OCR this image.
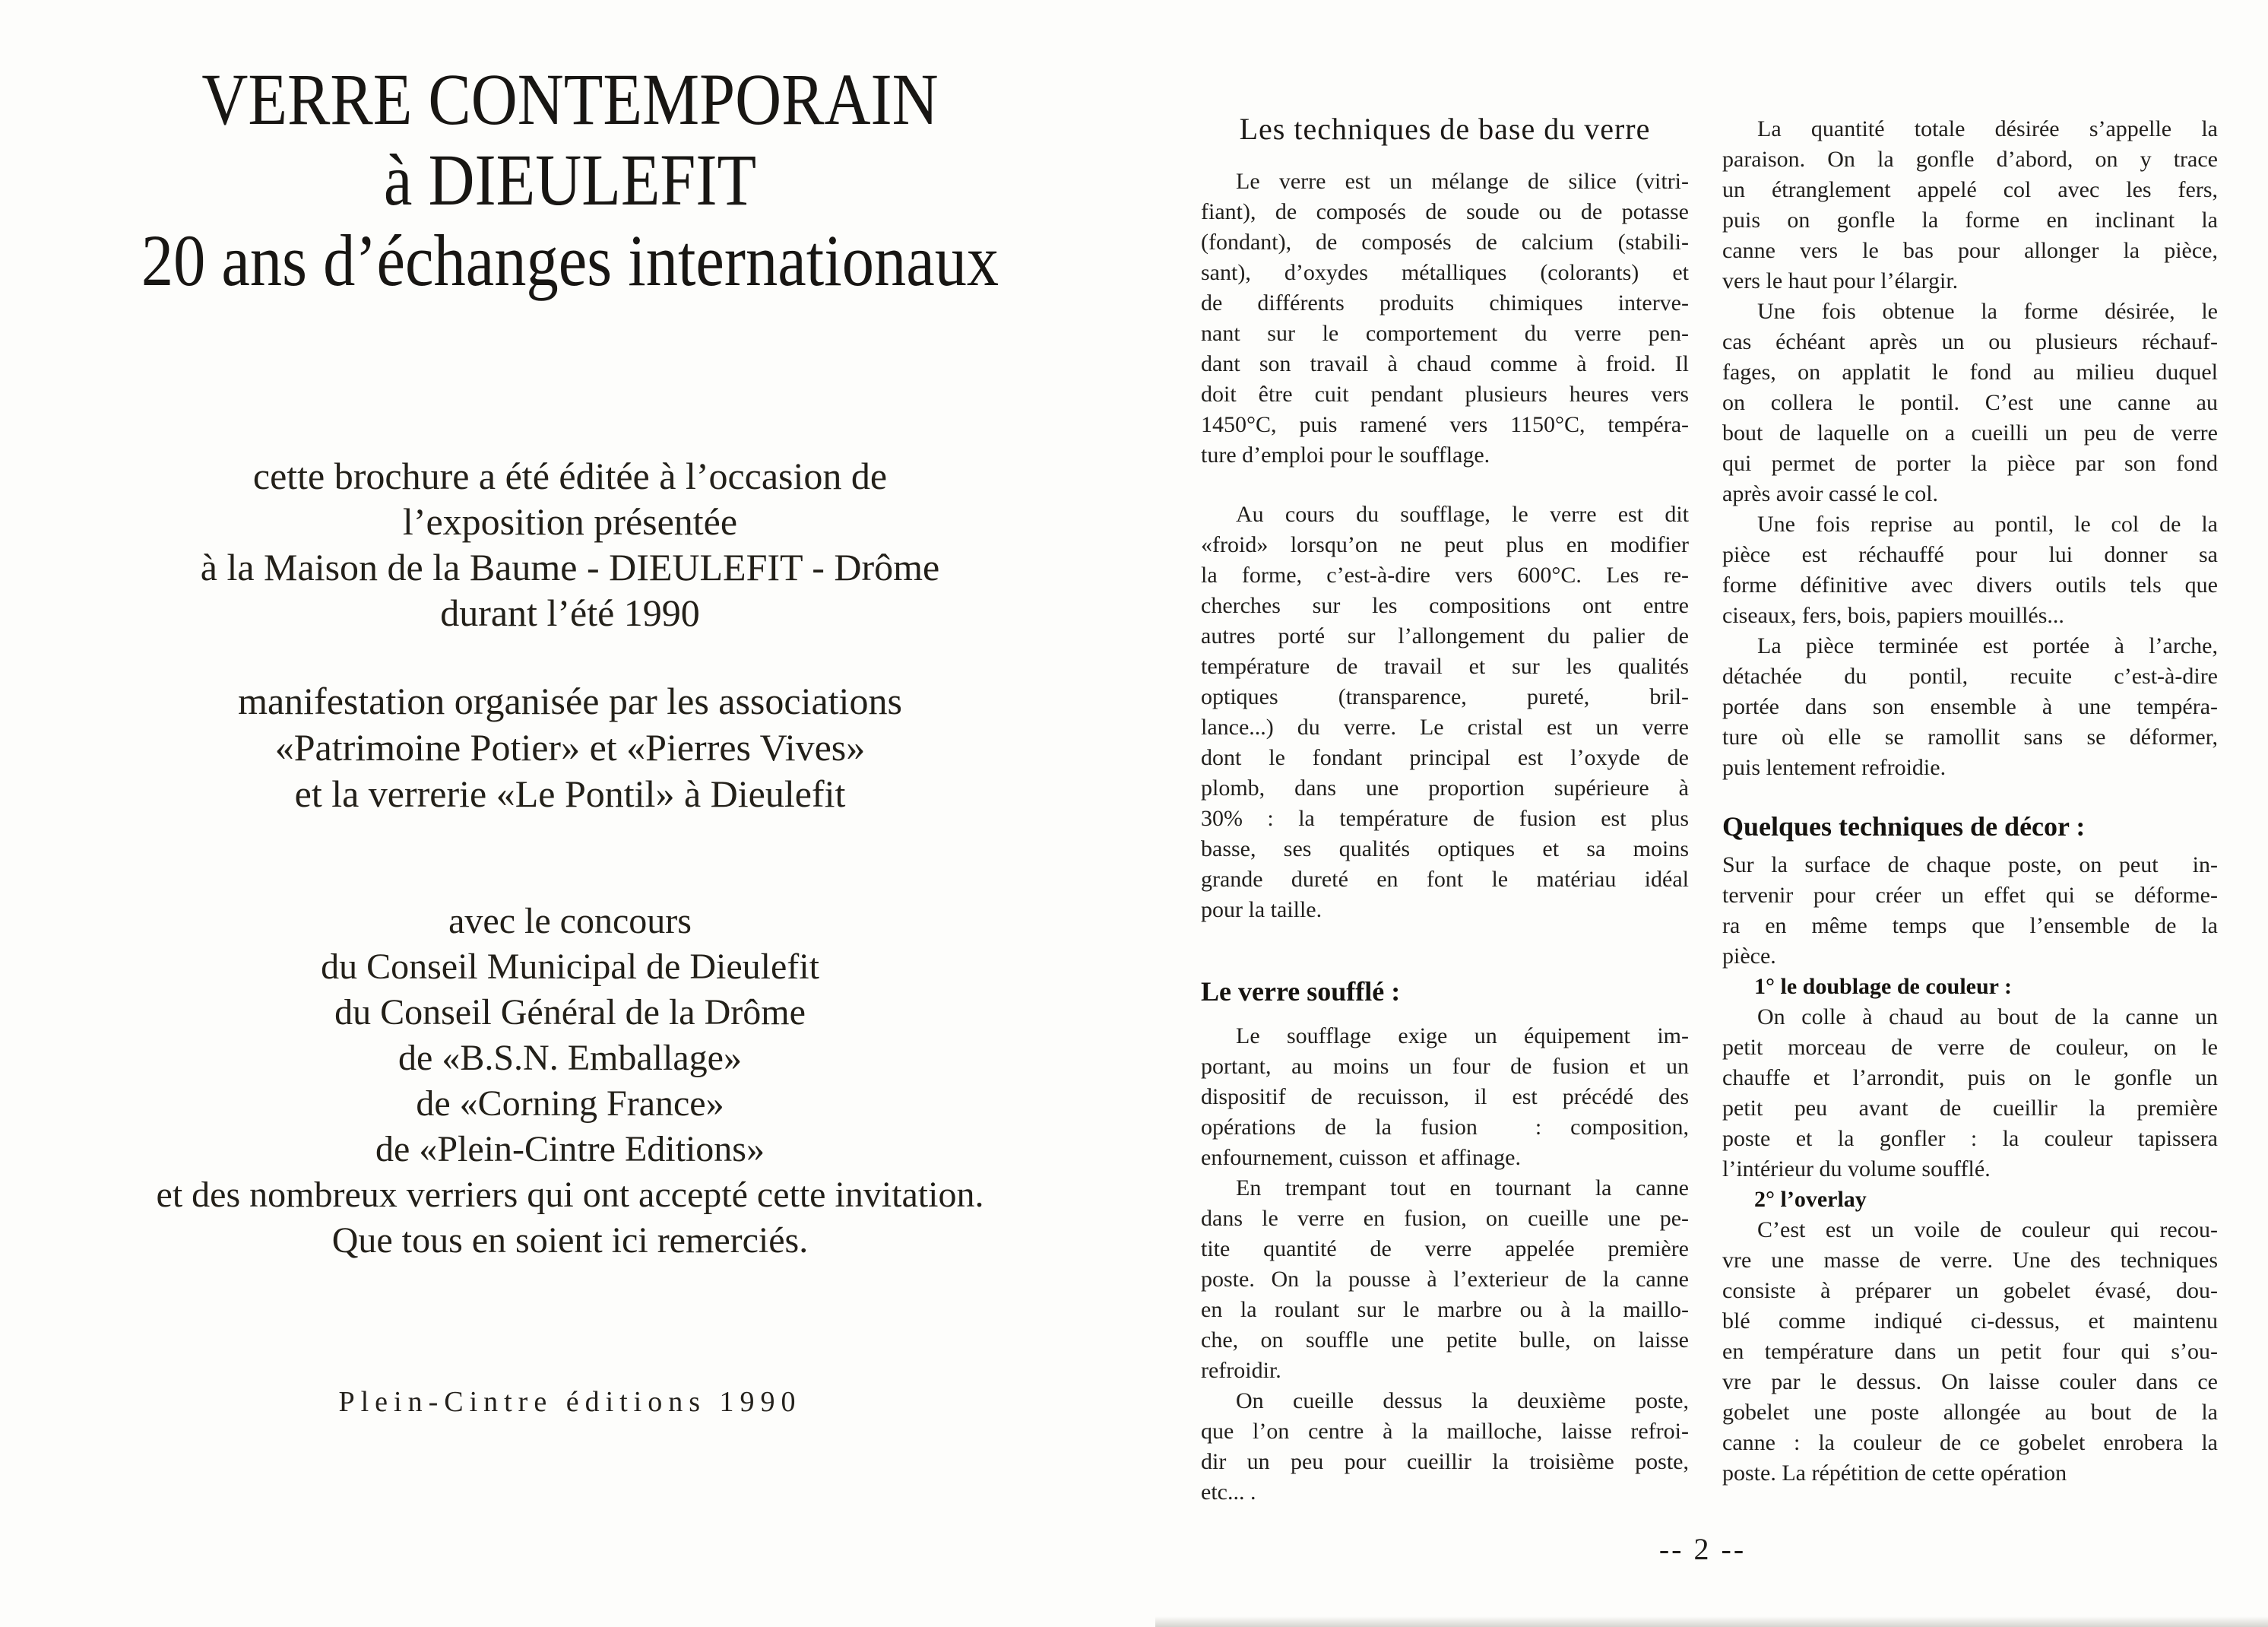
VERRE CONTEMPORAIN
à DIEULEFIT
20 ans d’échanges internationaux
cette brochure a été éditée à l’occasion de
l’exposition présentée
à la Maison de la Baume - DIEULEFIT - Drôme
durant l’été 1990
manifestation organisée par les associations
«Patrimoine Potier» et «Pierres Vives»
et la verrerie «Le Pontil» à Dieulefit
avec le concours
du Conseil Municipal de Dieulefit
du Conseil Général de la Drôme
de «B.S.N. Emballage»
de «Corning France»
de «Plein-Cintre Editions»
et des nombreux verriers qui ont accepté cette invitation.
Que tous en soient ici remerciés.
Plein-Cintre éditions 1990
Les techniques de base du verre
Le verre est un mélange de silice (vitri-
fiant), de composés de soude ou de potasse
(fondant), de composés de calcium (stabili-
sant), d’oxydes métalliques (colorants) et
de différents produits chimiques interve-
nant sur le comportement du verre pen-
dant son travail à chaud comme à froid. Il
doit être cuit pendant plusieurs heures vers
1450°C, puis ramené vers 1150°C, tempéra-
ture d’emploi pour le soufflage.
Au cours du soufflage, le verre est dit
«froid» lorsqu’on ne peut plus en modifier
la forme, c’est-à-dire vers 600°C. Les re-
cherches sur les compositions ont entre
autres porté sur l’allongement du palier de
température de travail et sur les qualités
optiques (transparence, pureté, bril-
lance...) du verre. Le cristal est un verre
dont le fondant principal est l’oxyde de
plomb, dans une proportion supérieure à
30% : la température de fusion est plus
basse, ses qualités optiques et sa moins
grande dureté en font le matériau idéal
pour la taille.
Le verre soufflé :
Le soufflage exige un équipement im-
portant, au moins un four de fusion et un
dispositif de recuisson, il est précédé des
opérations de la fusion  : composition,
enfournement, cuisson  et affinage.
En trempant tout en tournant la canne
dans le verre en fusion, on cueille une pe-
tite quantité de verre appelée première
poste. On la pousse à l’exterieur de la canne
en la roulant sur le marbre ou à la maillo-
che, on souffle une petite bulle, on laisse
refroidir.
On cueille dessus la deuxième poste,
que l’on centre à la mailloche, laisse refroi-
dir un peu pour cueillir la troisième poste,
etc... .
La quantité totale désirée s’appelle la
paraison. On la gonfle d’abord, on y trace
un étranglement appelé col avec les fers,
puis on gonfle la forme en inclinant la
canne vers le bas pour allonger la pièce,
vers le haut pour l’élargir.
Une fois obtenue la forme désirée, le
cas échéant après un ou plusieurs réchauf-
fages, on applatit le fond au milieu duquel
on collera le pontil. C’est une canne au
bout de laquelle on a cueilli un peu de verre
qui permet de porter la pièce par son fond
après avoir cassé le col.
Une fois reprise au pontil, le col de la
pièce est réchauffé pour lui donner sa
forme définitive avec divers outils tels que
ciseaux, fers, bois, papiers mouillés...
La pièce terminée est portée à l’arche,
détachée du pontil, recuite c’est-à-dire
portée dans son ensemble à une tempéra-
ture où elle se ramollit sans se déformer,
puis lentement refroidie.
Quelques techniques de décor :
Sur la surface de chaque poste, on peut  in-
tervenir pour créer un effet qui se déforme-
ra en même temps que l’ensemble de la
pièce.
1° le doublage de couleur :
On colle à chaud au bout de la canne un
petit morceau de verre de couleur, on le
chauffe et l’arrondit, puis on le gonfle un
petit peu avant de cueillir la première
poste et la gonfler : la couleur tapissera
l’intérieur du volume soufflé.
2° l’overlay
C’est est un voile de couleur qui recou-
vre une masse de verre. Une des techniques
consiste à préparer un gobelet évasé, dou-
blé comme indiqué ci-dessus, et maintenu
en température dans un petit four qui s’ou-
vre par le dessus. On laisse couler dans ce
gobelet une poste allongée au bout de la
canne : la couleur de ce gobelet enrobera la
poste. La répétition de cette opération
-- 2 --
